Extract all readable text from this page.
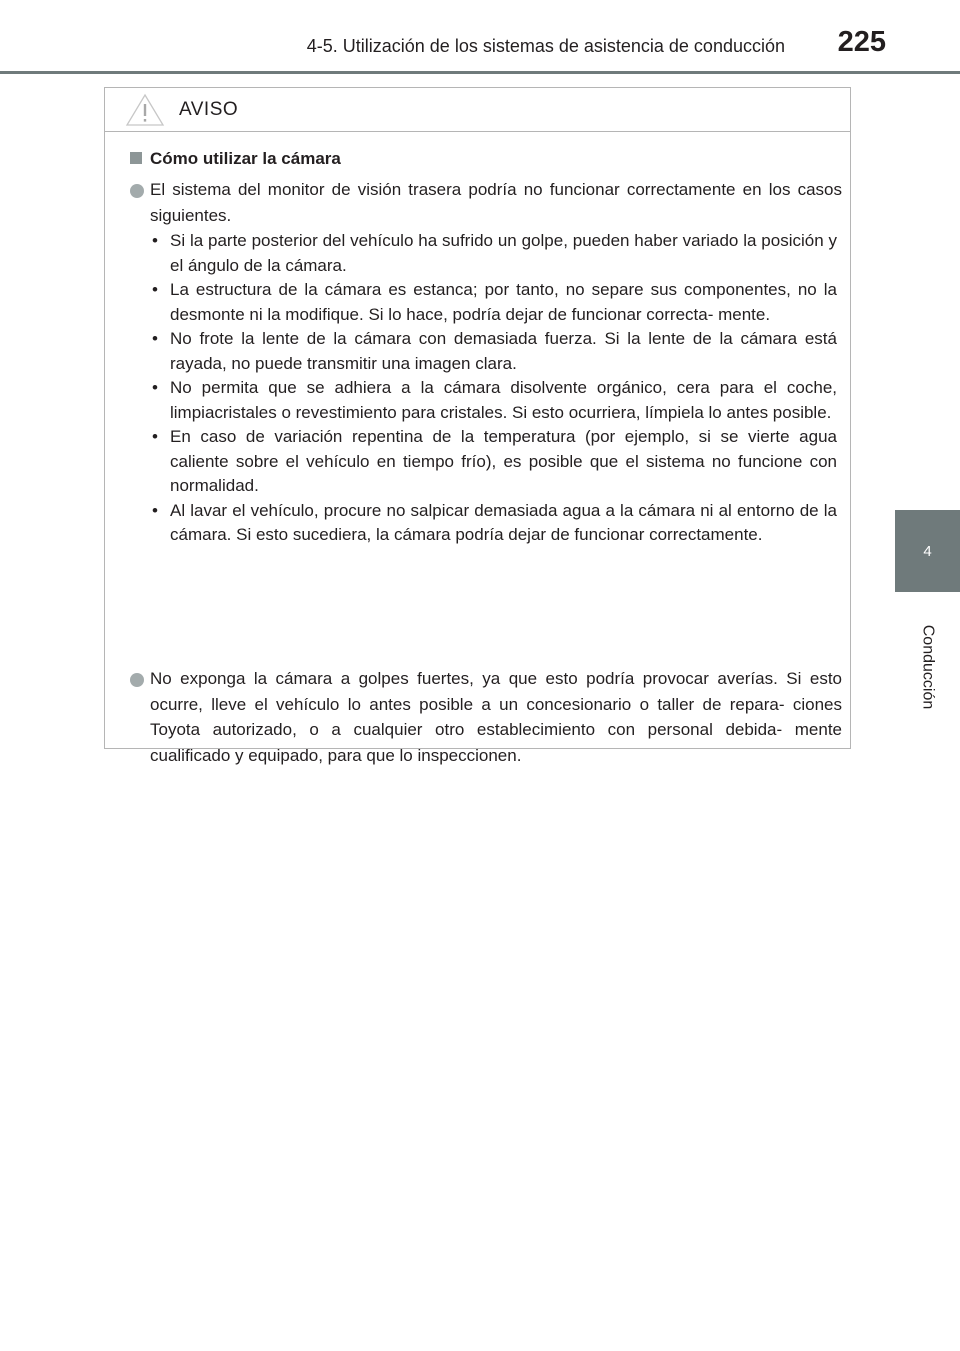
4-5. Utilización de los sistemas de asistencia de conducción	225
4
Conducción
AVISO
Cómo utilizar la cámara
El sistema del monitor de visión trasera podría no funcionar correctamente en los casos siguientes.
• Si la parte posterior del vehículo ha sufrido un golpe, pueden haber variado la posición y el ángulo de la cámara.
• La estructura de la cámara es estanca; por tanto, no separe sus componentes, no la desmonte ni la modifique. Si lo hace, podría dejar de funcionar correcta- mente.
• No frote la lente de la cámara con demasiada fuerza. Si la lente de la cámara está rayada, no puede transmitir una imagen clara.
• No permita que se adhiera a la cámara disolvente orgánico, cera para el coche, limpiacristales o revestimiento para cristales. Si esto ocurriera, límpiela lo antes posible.
• En caso de variación repentina de la temperatura (por ejemplo, si se vierte agua caliente sobre el vehículo en tiempo frío), es posible que el sistema no funcione con normalidad.
• Al lavar el vehículo, procure no salpicar demasiada agua a la cámara ni al entorno de la cámara. Si esto sucediera, la cámara podría dejar de funcionar correctamente.
No exponga la cámara a golpes fuertes, ya que esto podría provocar averías. Si esto ocurre, lleve el vehículo lo antes posible a un concesionario o taller de repara- ciones Toyota autorizado, o a cualquier otro establecimiento con personal debida- mente cualificado y equipado, para que lo inspeccionen.
